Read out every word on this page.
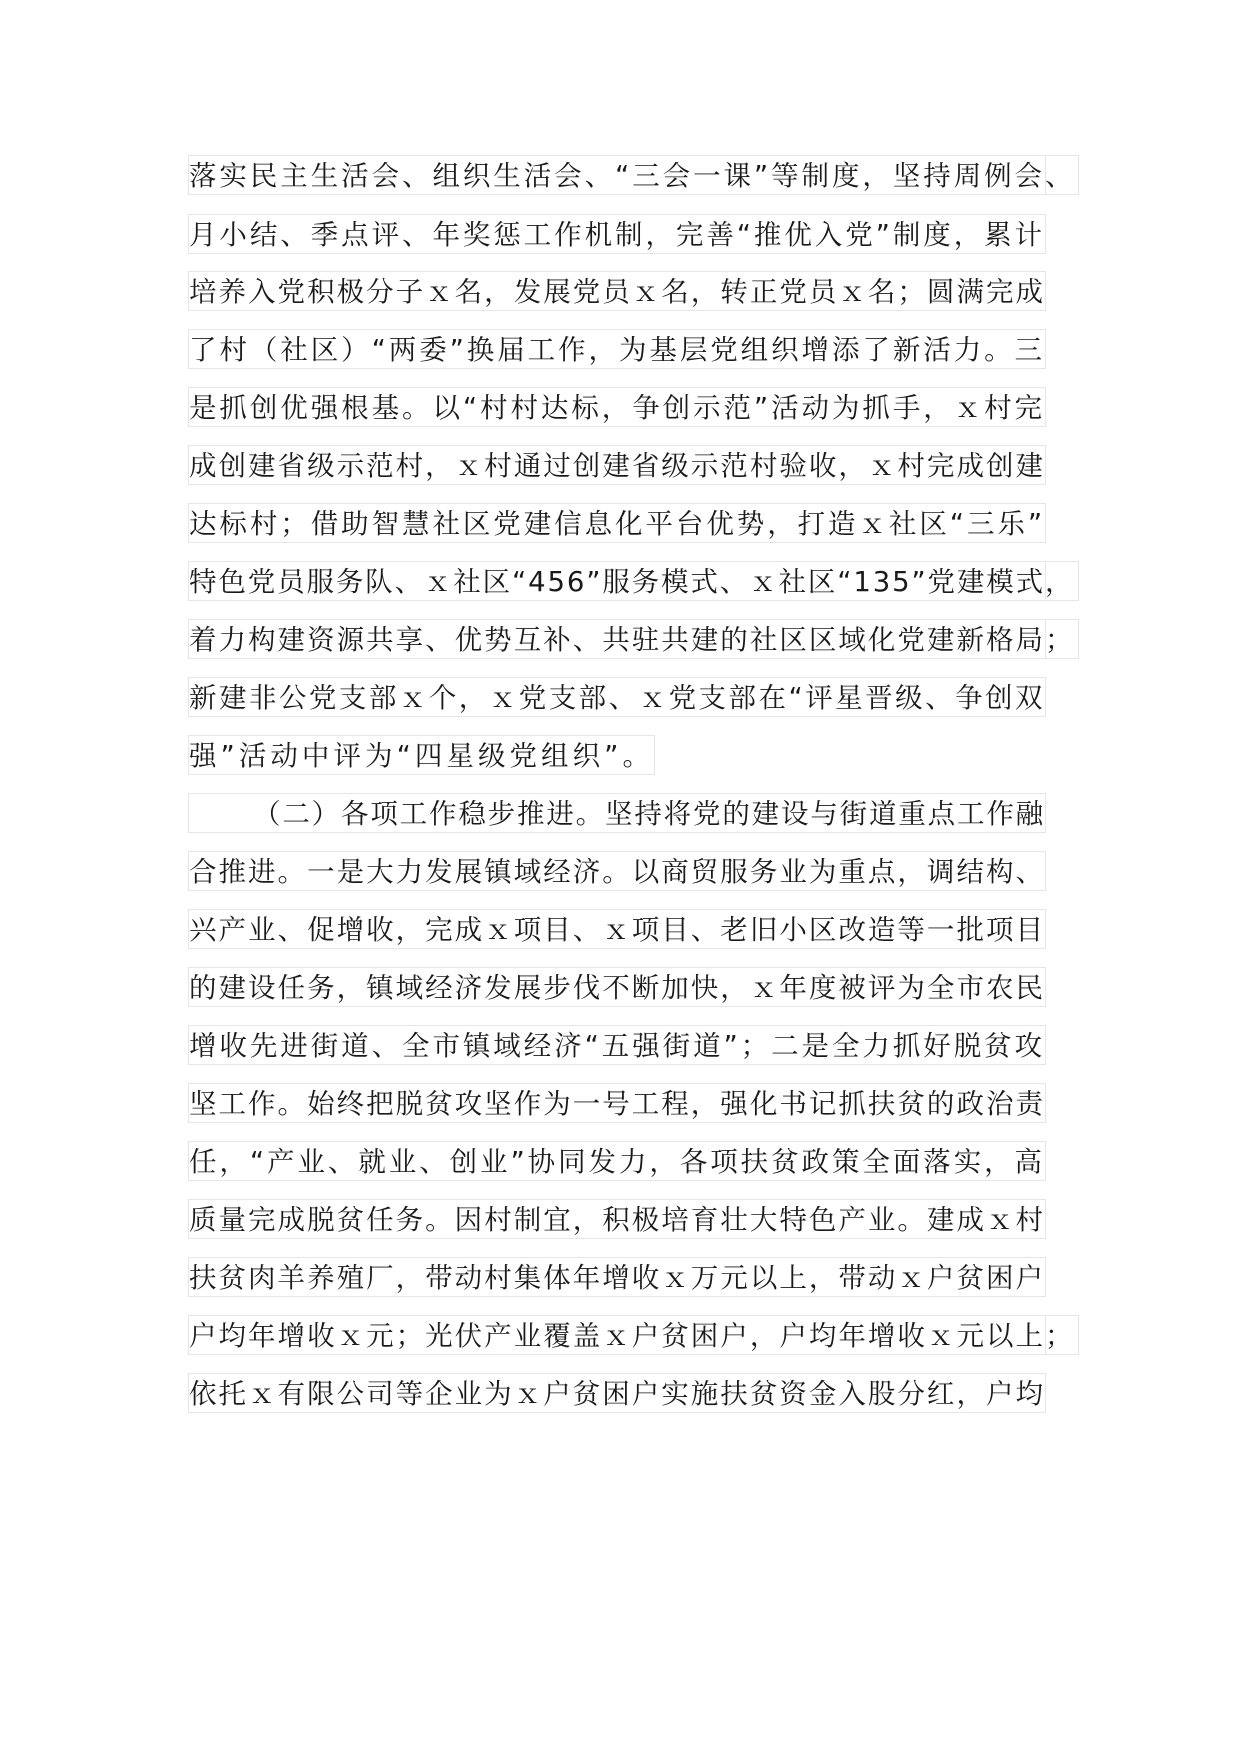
落实民主生活会、组织生活会、“三会一课”等制度，坚持周例会 、
月小结、季点评、年奖惩工作机制，完善“推优入党”制度，累计
培养入党积极分子ｘ名，发展党员ｘ名，转正党员ｘ名；圆满完成
了村（社区）“两委”换届工作，为基层党组织增添了新活力。三
是抓创优强根基。以“村村达标，争创示范”活动为抓手，ｘ村完
成创建省级示范村，ｘ村通过创建省级示范村验收，ｘ村完成创建
达标村；借助智慧社区党建信息化平台优势，打造ｘ社区“三乐”
特色党员服务队、ｘ社区“456”服务模式、ｘ社区“135”党建模式 ，
着力构建资源共享、优势互补、共驻共建的社区区域化党建新格局 ；
新建非公党支部ｘ个，ｘ党支部、ｘ党支部在“评星晋级、争创双
强”活动中评为“四星级党组织”。
（二）各项工作稳步推进。坚持将党的建设与街道重点工作融
合推进。一是大力发展镇域经济。以商贸服务业为重点，调结构、
兴产业、促增收，完成ｘ项目、ｘ项目、老旧小区改造等一批项目
的建设任务，镇域经济发展步伐不断加快，ｘ年度被评为全市农民
增收先进街道、全市镇域经济“五强街道”；二是全力抓好脱贫攻
坚工作。始终把脱贫攻坚作为一号工程，强化书记抓扶贫的政治责
任，“产业、就业、创业”协同发力，各项扶贫政策全面落实，高
质量完成脱贫任务。因村制宜，积极培育壮大特色产业。建成ｘ村
扶贫肉羊养殖厂，带动村集体年增收ｘ万元以上，带动ｘ户贫困户
户均年增收ｘ元；光伏产业覆盖ｘ户贫困户，户均年增收ｘ元以上 ；
依托ｘ有限公司等企业为ｘ户贫困户实施扶贫资金入股分红，户均
